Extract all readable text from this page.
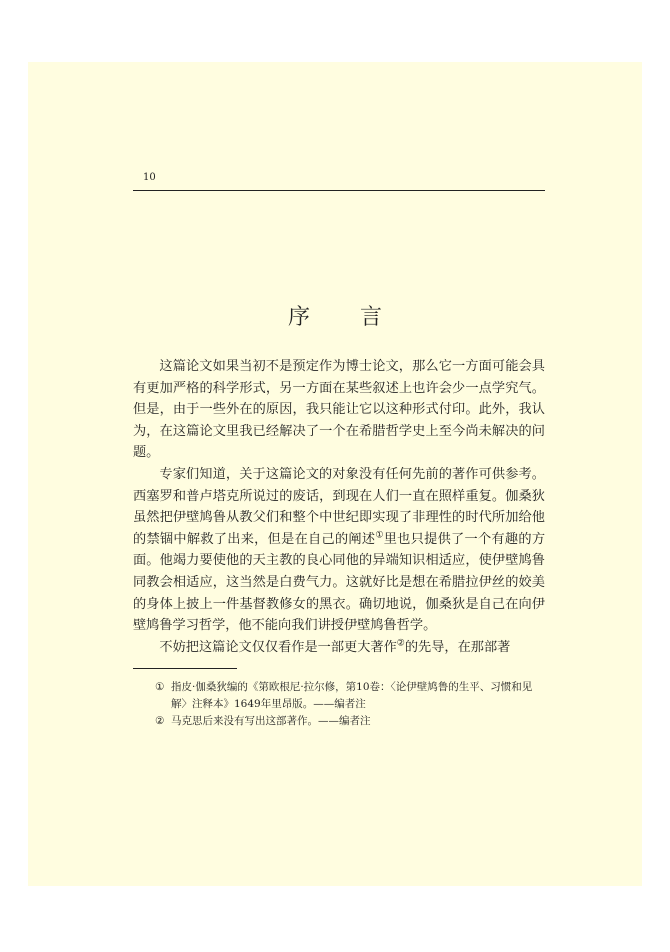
10
序言

这篇论文如果当初不是预定作为博士论文，那么它一方面可能会具有更加严格的科学形式，另一方面在某些叙述上也许会少一点学究气。但是，由于一些外在的原因，我只能让它以这种形式付印。此外，我认为，在这篇论文里我已经解决了一个在希腊哲学史上至今尚未解决的问题。

专家们知道，关于这篇论文的对象没有任何先前的著作可供参考。西塞罗和普卢塔克所说过的废话，到现在人们一直在照样重复。伽桑狄虽然把伊壁鸠鲁从教父们和整个中世纪即实现了非理性的时代所加给他的禁锢中解救了出来，但是在自己的阐述①里也只提供了一个有趣的方面。他竭力要使他的天主教的良心同他的异端知识相适应，使伊壁鸠鲁同教会相适应，这当然是白费气力。这就好比是想在希腊拉伊丝的姣美的身体上披上一件基督教修女的黑衣。确切地说，伽桑狄是自己在向伊壁鸠鲁学习哲学，他不能向我们讲授伊壁鸠鲁哲学。

不妨把这篇论文仅仅看作是一部更大著作②的先导，在那部著

① 指皮·伽桑狄编的《第欧根尼·拉尔修，第10卷：〈论伊壁鸠鲁的生平、习惯和见解〉注释本》1649年里昂版。——编者注
② 马克思后来没有写出这部著作。——编者注
